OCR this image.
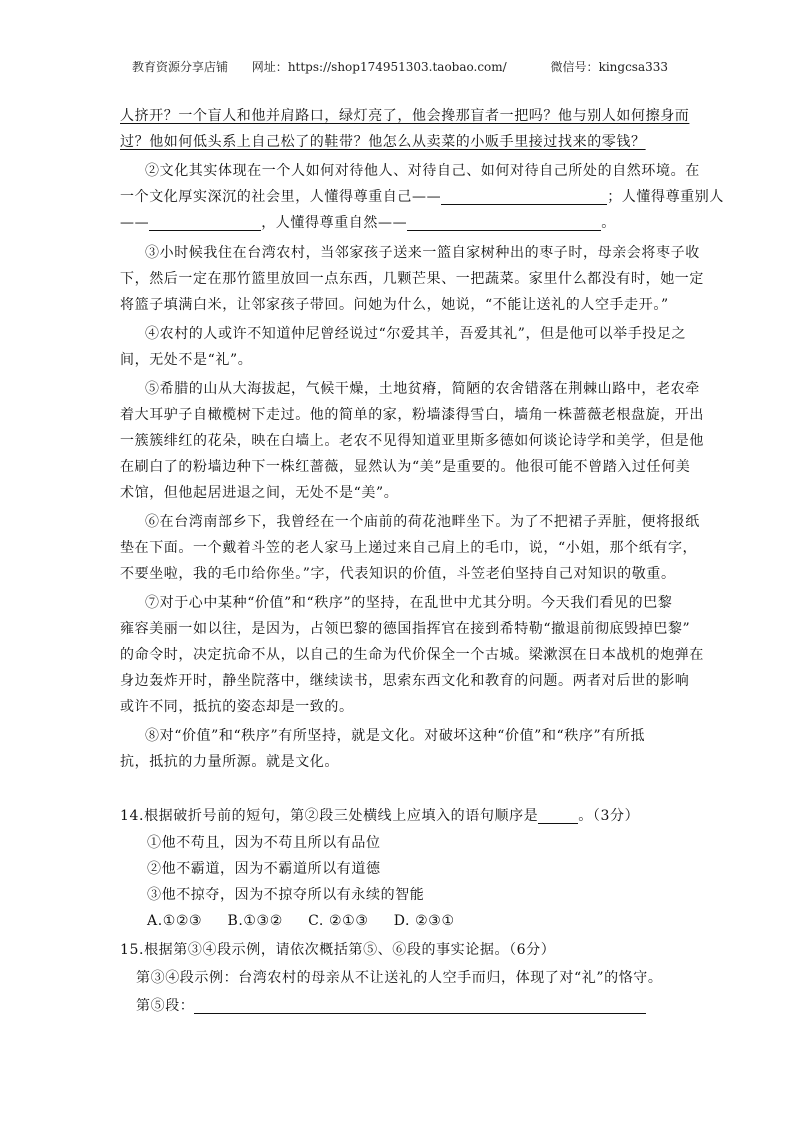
教育资源分享店铺 网址：https://shop174951303.taobao.com/	微信号：kingcsa333
人挤开？一个盲人和他并肩路口，绿灯亮了，他会搀那盲者一把吗？他与别人如何擦身而
过？他如何低头系上自己松了的鞋带？他怎么从卖菜的小贩手里接过找来的零钱？
②文化其实体现在一个人如何对待他人、对待自己、如何对待自己所处的自然环境。在
一个文化厚实深沉的社会里，人懂得尊重自己——	；人懂得尊重别人
——	，人懂得尊重自然——	。
③小时候我住在台湾农村，当邻家孩子送来一篮自家树种出的枣子时，母亲会将枣子收
下，然后一定在那竹篮里放回一点东西，几颗芒果、一把蔬菜。家里什么都没有时，她一定
将篮子填满白米，让邻家孩子带回。问她为什么，她说，“不能让送礼的人空手走开。”
④农村的人或许不知道仲尼曾经说过“尔爱其羊，吾爱其礼”，但是他可以举手投足之
间，无处不是“礼”。
⑤希腊的山从大海拔起，气候干燥，土地贫瘠，简陋的农舍错落在荆棘山路中，老农牵
着大耳驴子自橄榄树下走过。他的简单的家，粉墙漆得雪白，墙角一株蔷薇老根盘旋，开出
一簇簇绯红的花朵，映在白墙上。老农不见得知道亚里斯多德如何谈论诗学和美学，但是他
在刷白了的粉墙边种下一株红蔷薇，显然认为“美”是重要的。他很可能不曾踏入过任何美
术馆，但他起居进退之间，无处不是“美”。
⑥在台湾南部乡下，我曾经在一个庙前的荷花池畔坐下。为了不把裙子弄脏，便将报纸
垫在下面。一个戴着斗笠的老人家马上递过来自己肩上的毛巾，说，“小姐，那个纸有字，
不要坐啦，我的毛巾给你坐。”字，代表知识的价值，斗笠老伯坚持自己对知识的敬重。
⑦对于心中某种“价值”和“秩序”的坚持，在乱世中尤其分明。今天我们看见的巴黎
雍容美丽一如以往，是因为，占领巴黎的德国指挥官在接到希特勒“撤退前彻底毁掉巴黎”
的命令时，决定抗命不从，以自己的生命为代价保全一个古城。梁漱溟在日本战机的炮弹在
身边轰炸开时，静坐院落中，继续读书，思索东西文化和教育的问题。两者对后世的影响
或许不同，抵抗的姿态却是一致的。
⑧对“价值”和“秩序”有所坚持，就是文化。对破坏这种“价值”和“秩序”有所抵
抗，抵抗的力量所源。就是文化。
14.根据破折号前的短句，第②段三处横线上应填入的语句顺序是	。（3分）
①他不苟且，因为不苟且所以有品位
②他不霸道，因为不霸道所以有道德
③他不掠夺，因为不掠夺所以有永续的智能
A.①②③     B.①③②     C. ②①③     D. ②③①
15.根据第③④段示例，请依次概括第⑤、⑥段的事实论据。（6分）
第③④段示例：台湾农村的母亲从不让送礼的人空手而归，体现了对“礼”的恪守。
第⑤段：
